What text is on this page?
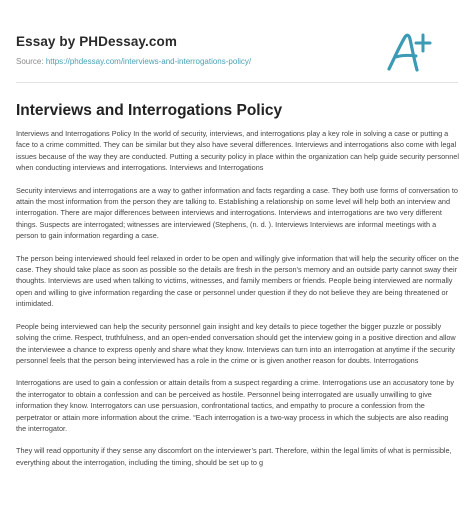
Essay by PHDessay.com
Source: https://phdessay.com/interviews-and-interrogations-policy/
Interviews and Interrogations Policy

Interviews and Interrogations Policy In the world of security, interviews, and interrogations play a key role in solving a case or putting a face to a crime committed. They can be similar but they also have several differences. Interviews and interrogations also come with legal issues because of the way they are conducted. Putting a security policy in place within the organization can help guide security personnel when conducting interviews and interrogations. Interviews and Interrogations

Security interviews and interrogations are a way to gather information and facts regarding a case. They both use forms of conversation to attain the most information from the person they are talking to. Establishing a relationship on some level will help both an interview and interrogation. There are major differences between interviews and interrogations. Interviews and interrogations are two very different things. Suspects are interrogated; witnesses are interviewed (Stephens, (n. d. ). Interviews Interviews are informal meetings with a person to gain information regarding a case.

The person being interviewed should feel relaxed in order to be open and willingly give information that will help the security officer on the case. They should take place as soon as possible so the details are fresh in the person’s memory and an outside party cannot sway their thoughts. Interviews are used when talking to victims, witnesses, and family members or friends. People being interviewed are normally open and willing to give information regarding the case or personnel under question if they do not believe they are being threatened or intimidated.

People being interviewed can help the security personnel gain insight and key details to piece together the bigger puzzle or possibly solving the crime. Respect, truthfulness, and an open-ended conversation should get the interview going in a positive direction and allow the interviewee a chance to express openly and share what they know. Interviews can turn into an interrogation at anytime if the security personnel feels that the person being interviewed has a role in the crime or is given another reason for doubts. Interrogations

Interrogations are used to gain a confession or attain details from a suspect regarding a crime. Interrogations use an accusatory tone by the interrogator to obtain a confession and can be perceived as hostile. Personnel being interrogated are usually unwilling to give information they know. Interrogators can use persuasion, confrontational tactics, and empathy to procure a confession from the perpetrator or attain more information about the crime. “Each interrogation is a two-way process in which the subjects are also reading the interrogator.

They will read opportunity if they sense any discomfort on the interviewer’s part. Therefore, within the legal limits of what is permissible, everything about the interrogation, including the timing, should be set up to g
